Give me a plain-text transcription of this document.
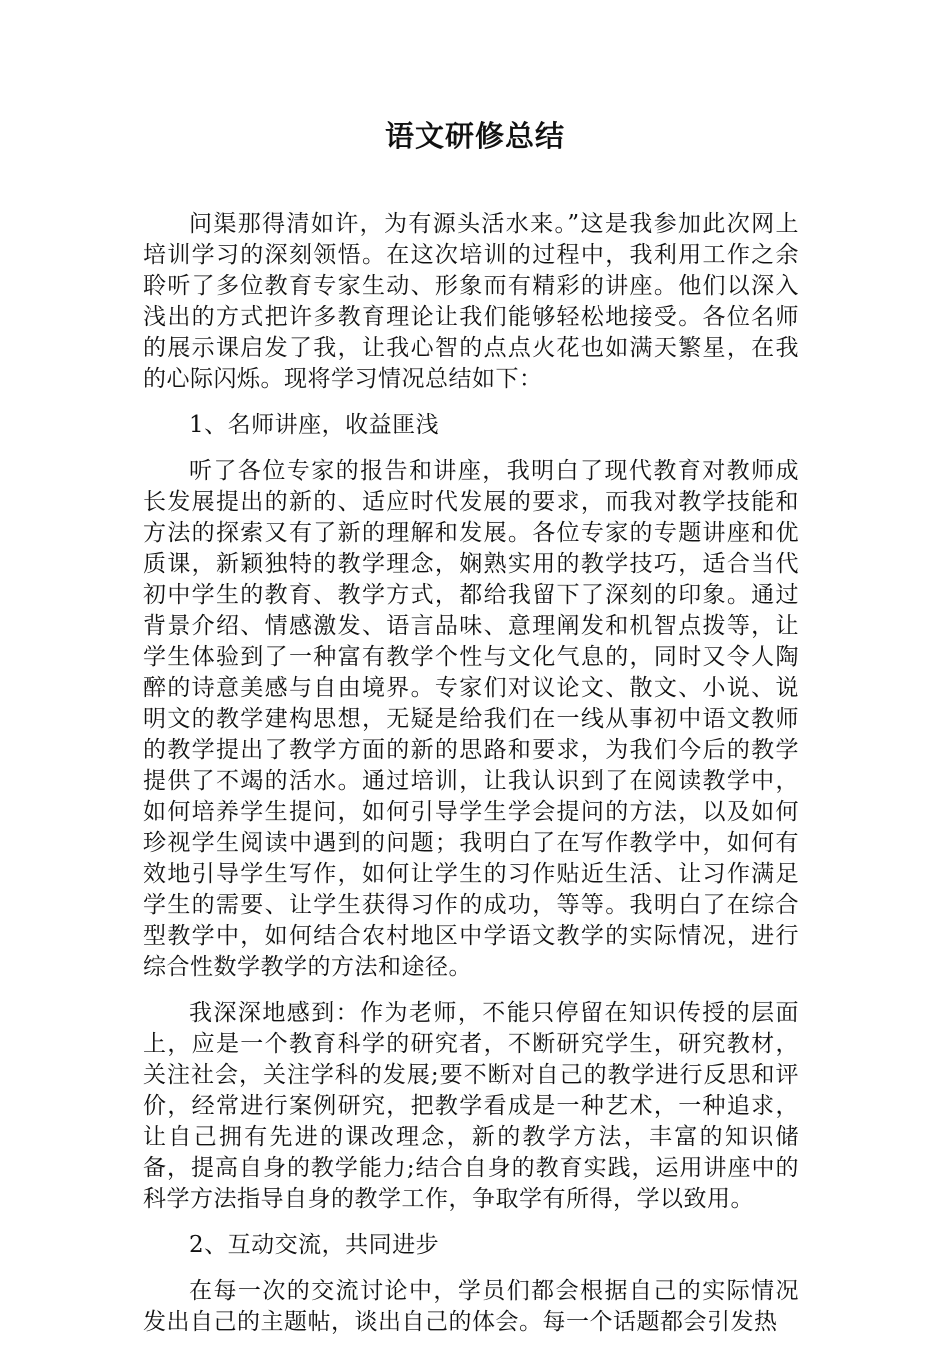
语文研修总结

问渠那得清如许，为有源头活水来。”这是我参加此次网上培训学习的深刻领悟。在这次培训的过程中，我利用工作之余聆听了多位教育专家生动、形象而有精彩的讲座。他们以深入浅出的方式把许多教育理论让我们能够轻松地接受。各位名师的展示课启发了我，让我心智的点点火花也如满天繁星，在我的心际闪烁。现将学习情况总结如下：

1、名师讲座，收益匪浅

听了各位专家的报告和讲座，我明白了现代教育对教师成长发展提出的新的、适应时代发展的要求，而我对教学技能和方法的探索又有了新的理解和发展。各位专家的专题讲座和优质课，新颖独特的教学理念，娴熟实用的教学技巧，适合当代初中学生的教育、教学方式，都给我留下了深刻的印象。通过背景介绍、情感激发、语言品味、意理阐发和机智点拨等，让学生体验到了一种富有教学个性与文化气息的，同时又令人陶醉的诗意美感与自由境界。专家们对议论文、散文、小说、说明文的教学建构思想，无疑是给我们在一线从事初中语文教师的教学提出了教学方面的新的思路和要求，为我们今后的教学提供了不竭的活水。通过培训，让我认识到了在阅读教学中，如何培养学生提问，如何引导学生学会提问的方法，以及如何珍视学生阅读中遇到的问题；我明白了在写作教学中，如何有效地引导学生写作，如何让学生的习作贴近生活、让习作满足学生的需要、让学生获得习作的成功，等等。我明白了在综合型教学中，如何结合农村地区中学语文教学的实际情况，进行综合性数学教学的方法和途径。

我深深地感到：作为老师，不能只停留在知识传授的层面上，应是一个教育科学的研究者，不断研究学生，研究教材，关注社会，关注学科的发展;要不断对自己的教学进行反思和评价，经常进行案例研究，把教学看成是一种艺术，一种追求，让自己拥有先进的课改理念，新的教学方法，丰富的知识储备，提高自身的教学能力;结合自身的教育实践，运用讲座中的科学方法指导自身的教学工作，争取学有所得，学以致用。

2、互动交流，共同进步

在每一次的交流讨论中，学员们都会根据自己的实际情况发出自己的主题帖，谈出自己的体会。每一个话题都会引发热
